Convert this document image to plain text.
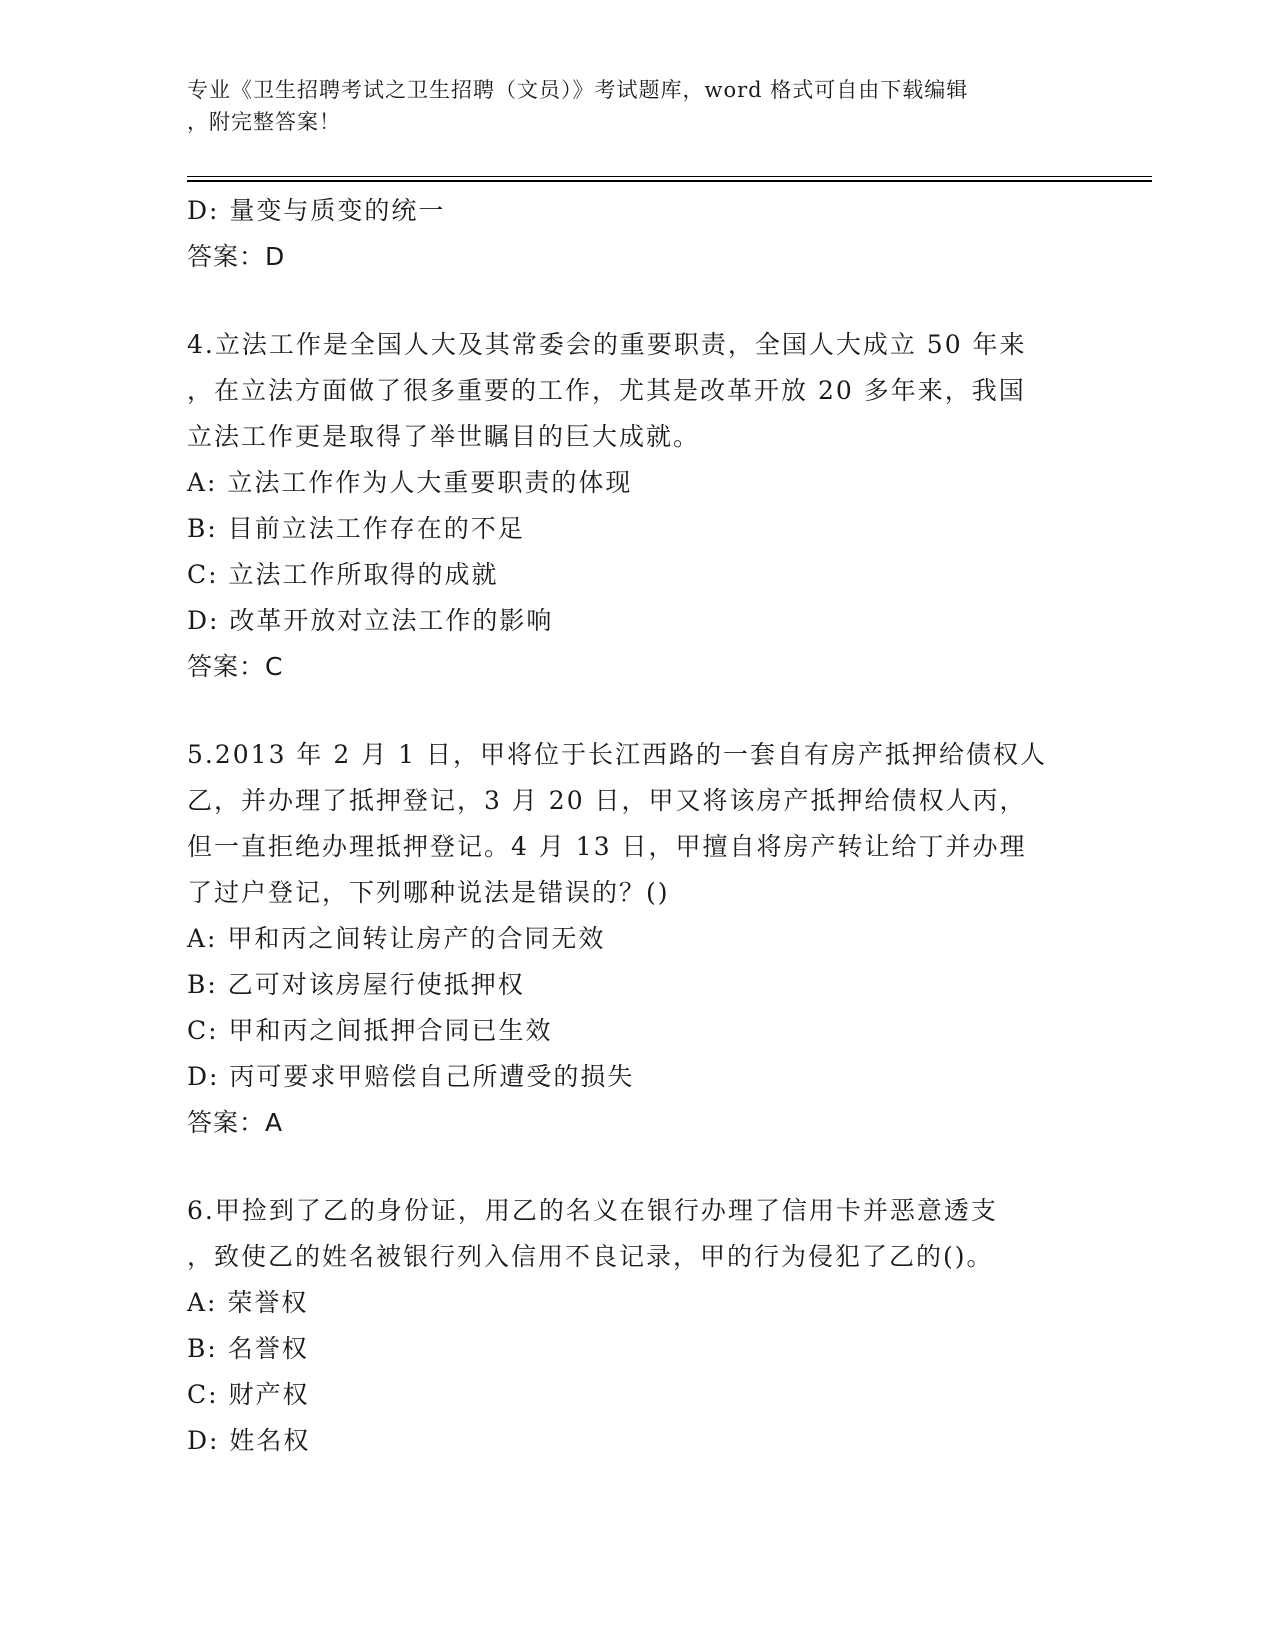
专业《卫生招聘考试之卫生招聘（文员）》考试题库，word 格式可自由下载编辑
，附完整答案！
D: 量变与质变的统一
答案：D
4.立法工作是全国人大及其常委会的重要职责，全国人大成立 50 年来
，在立法方面做了很多重要的工作，尤其是改革开放 20 多年来，我国
立法工作更是取得了举世瞩目的巨大成就。
A: 立法工作作为人大重要职责的体现
B: 目前立法工作存在的不足
C: 立法工作所取得的成就
D: 改革开放对立法工作的影响
答案：C
5.2013 年 2 月 1 日，甲将位于长江西路的一套自有房产抵押给债权人
乙，并办理了抵押登记，3 月 20 日，甲又将该房产抵押给债权人丙，
但一直拒绝办理抵押登记。4 月 13 日，甲擅自将房产转让给丁并办理
了过户登记，下列哪种说法是错误的？()
A: 甲和丙之间转让房产的合同无效
B: 乙可对该房屋行使抵押权
C: 甲和丙之间抵押合同已生效
D: 丙可要求甲赔偿自己所遭受的损失
答案：A
6.甲捡到了乙的身份证，用乙的名义在银行办理了信用卡并恶意透支
，致使乙的姓名被银行列入信用不良记录，甲的行为侵犯了乙的()。
A: 荣誉权
B: 名誉权
C: 财产权
D: 姓名权
